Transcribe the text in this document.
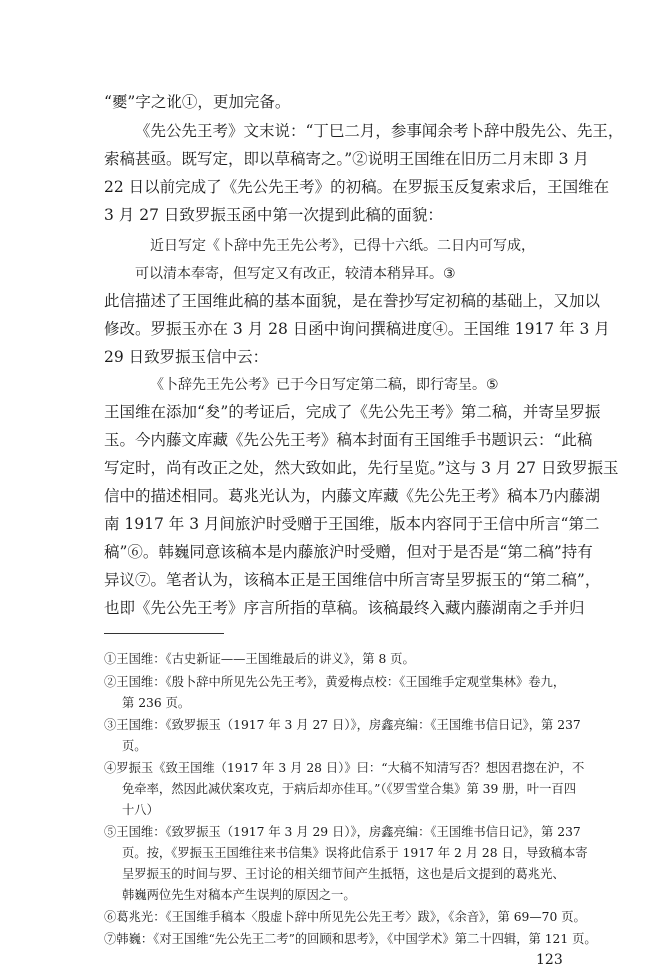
“夒”字之讹①，更加完备。
《先公先王考》文末说：“丁巳二月，参事闻余考卜辞中殷先公、先王，
索稿甚亟。既写定，即以草稿寄之。”②说明王国维在旧历二月末即 3 月
22 日以前完成了《先公先王考》的初稿。在罗振玉反复索求后，王国维在
3 月 27 日致罗振玉函中第一次提到此稿的面貌：
近日写定《卜辞中先王先公考》，已得十六纸。二日内可写成，
可以清本奉寄，但写定又有改正，较清本稍异耳。③
此信描述了王国维此稿的基本面貌，是在誊抄写定初稿的基础上，又加以
修改。罗振玉亦在 3 月 28 日函中询问撰稿进度④。王国维 1917 年 3 月
29 日致罗振玉信中云：
《卜辞先王先公考》已于今日写定第二稿，即行寄呈。⑤
王国维在添加“夋”的考证后，完成了《先公先王考》第二稿，并寄呈罗振
玉。今内藤文库藏《先公先王考》稿本封面有王国维手书题识云：“此稿
写定时，尚有改正之处，然大致如此，先行呈览。”这与 3 月 27 日致罗振玉
信中的描述相同。葛兆光认为，内藤文库藏《先公先王考》稿本乃内藤湖
南 1917 年 3 月间旅沪时受赠于王国维，版本内容同于王信中所言“第二
稿”⑥。韩巍同意该稿本是内藤旅沪时受赠，但对于是否是“第二稿”持有
异议⑦。笔者认为，该稿本正是王国维信中所言寄呈罗振玉的“第二稿”，
也即《先公先王考》序言所指的草稿。该稿最终入藏内藤湖南之手并归
①王国维：《古史新证——王国维最后的讲义》，第 8 页。
②王国维：《殷卜辞中所见先公先王考》，黄爱梅点校：《王国维手定观堂集林》卷九，
第 236 页。
③王国维：《致罗振玉（1917 年 3 月 27 日）》，房鑫亮编：《王国维书信日记》，第 237
页。
④罗振玉《致王国维（1917 年 3 月 28 日）》曰：“大稿不知清写否？想因君揔在沪，不
免牵率，然因此减伏案攻克，于病后却亦佳耳。”（《罗雪堂合集》第 39 册，叶一百四
十八）
⑤王国维：《致罗振玉（1917 年 3 月 29 日）》，房鑫亮编：《王国维书信日记》，第 237
页。按，《罗振玉王国维往来书信集》误将此信系于 1917 年 2 月 28 日，导致稿本寄
呈罗振玉的时间与罗、王讨论的相关细节间产生抵牾，这也是后文提到的葛兆光、
韩巍两位先生对稿本产生误判的原因之一。
⑥葛兆光：《王国维手稿本〈殷虚卜辞中所见先公先王考〉跋》，《余音》，第 69—70 页。
⑦韩巍：《对王国维“先公先王二考”的回顾和思考》，《中国学术》第二十四辑，第 121 页。
123
